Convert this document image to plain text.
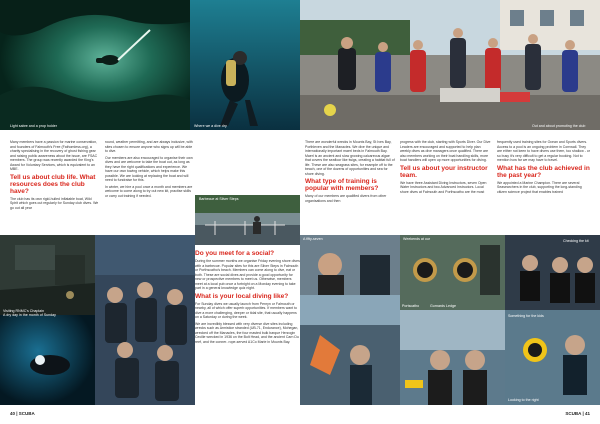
Light sabre and a prop holder	Where we a dive dry	Out and about promoting the club

Many members have a passion for marine conservation, and founders of Falmouth's Free (Fathomless.org), a charity specialising in the recovery of ghost fishing gear and raising public awareness about the issue, are FSAC members. The group was recently awarded the King's Award for Voluntary Services, which is equivalent to an MBE.

Tell us about club life. What resources does the club have?

The club has its own rigid-hulled inflatable boat, Wild Spirit which goes out regularly for Sunday club dives. We go out all year

round, weather permitting, and are always inclusive, with sites chosen to ensure anyone who signs up will be able to dive.

Our members are also encouraged to organise their own dives and are welcome to take the boat out, as long as they have the right qualifications and experience. We have our own towing vehicle, which helps make this possible. We are looking at replacing the boat and will need to fundraise for this.

In winter, we hire a pool once a month and members are welcome to come along to try out new kit, practise skills or carry out training if needed.

There are wonderful wrecks in Mounts Bay, St Ives Bay, Porthleven and the Manacles. We dive the unique and internationally important maerl beds in Falmouth Bay. Maerl is an ancient and slow growing calcareous algae that covers the seafloor like twigs, creating a habitat full of life. These are also seagrass sites, for example off to the beach, one of the dozens of opportunities and sea for shore diving.

What type of training is popular with members?

Many of our members are qualified divers from other organisations and then

progress with the club, starting with Sports Diver. Our Dive Leaders are encouraged and supported to help plan weekly dives as dive managers once qualified. There are also members working on their boat handling skills, more boat handlers will open up more opportunities for diving.

Tell us about your instructor team.

We have three Assistant Diving Instructors, seven Open Water Instructors and two Advanced Instructors. Local shore dives at Falmouth and Porthscatho are the most

frequently used training sites for Ocean and Sports divers. Access to a pool is an ongoing problem in Cornwall. They are either not keen to have divers use them, too shallow - or so busy it's very difficult to get a regular booking. Not to mention how far we may have to travel.

What has the club achieved in the past year?

We appointed a Marine Champion. There are several Seasearchers in the club, supporting the long-standing citizen science project that enables trained

Barbecue at Silver Steps
Visiting RNMC's Chaplain
A dry day in the month of Sunday
Do you meet for a social?

During the summer months we organise Friday evening shore dives with a barbecue. Popular sites for this are Silver Steps in Falmouth or Porthscatho's beach. Members can come along to dive, eat or both. These are social dives and provide a good opportunity for new or prospective members to meet us. Otherwise, members meet at a local pub once a fortnight on a Monday evening to take part in a general knowledge quiz night.

What is your local diving like?

For Sunday dives we usually launch from Penryn or Falmouth or nearby, all of which offer superb opportunities. If members want to dive a more challenging, deeper or tidal site, that usually happens on a Saturday or during the week.

We are incredibly blessed with very diverse dive sites including wrecks such as Armistice stranded (UB-71, Endurance), Mohegan, wrecked off the Manacles, the four masted bulk barque Herzogin Cecilie wrecked in 1936 on the Bolt Head, and the ancient Carn Du reef, and the conner- rope-served A1Co Marie in Mounts Bay.

A fifty-seven	Weekends at our	Checking the kit
Portscatho	Gurnards Ledge
Something for the kids
Looking to the right
40 | SCUBA	SCUBA | 41
